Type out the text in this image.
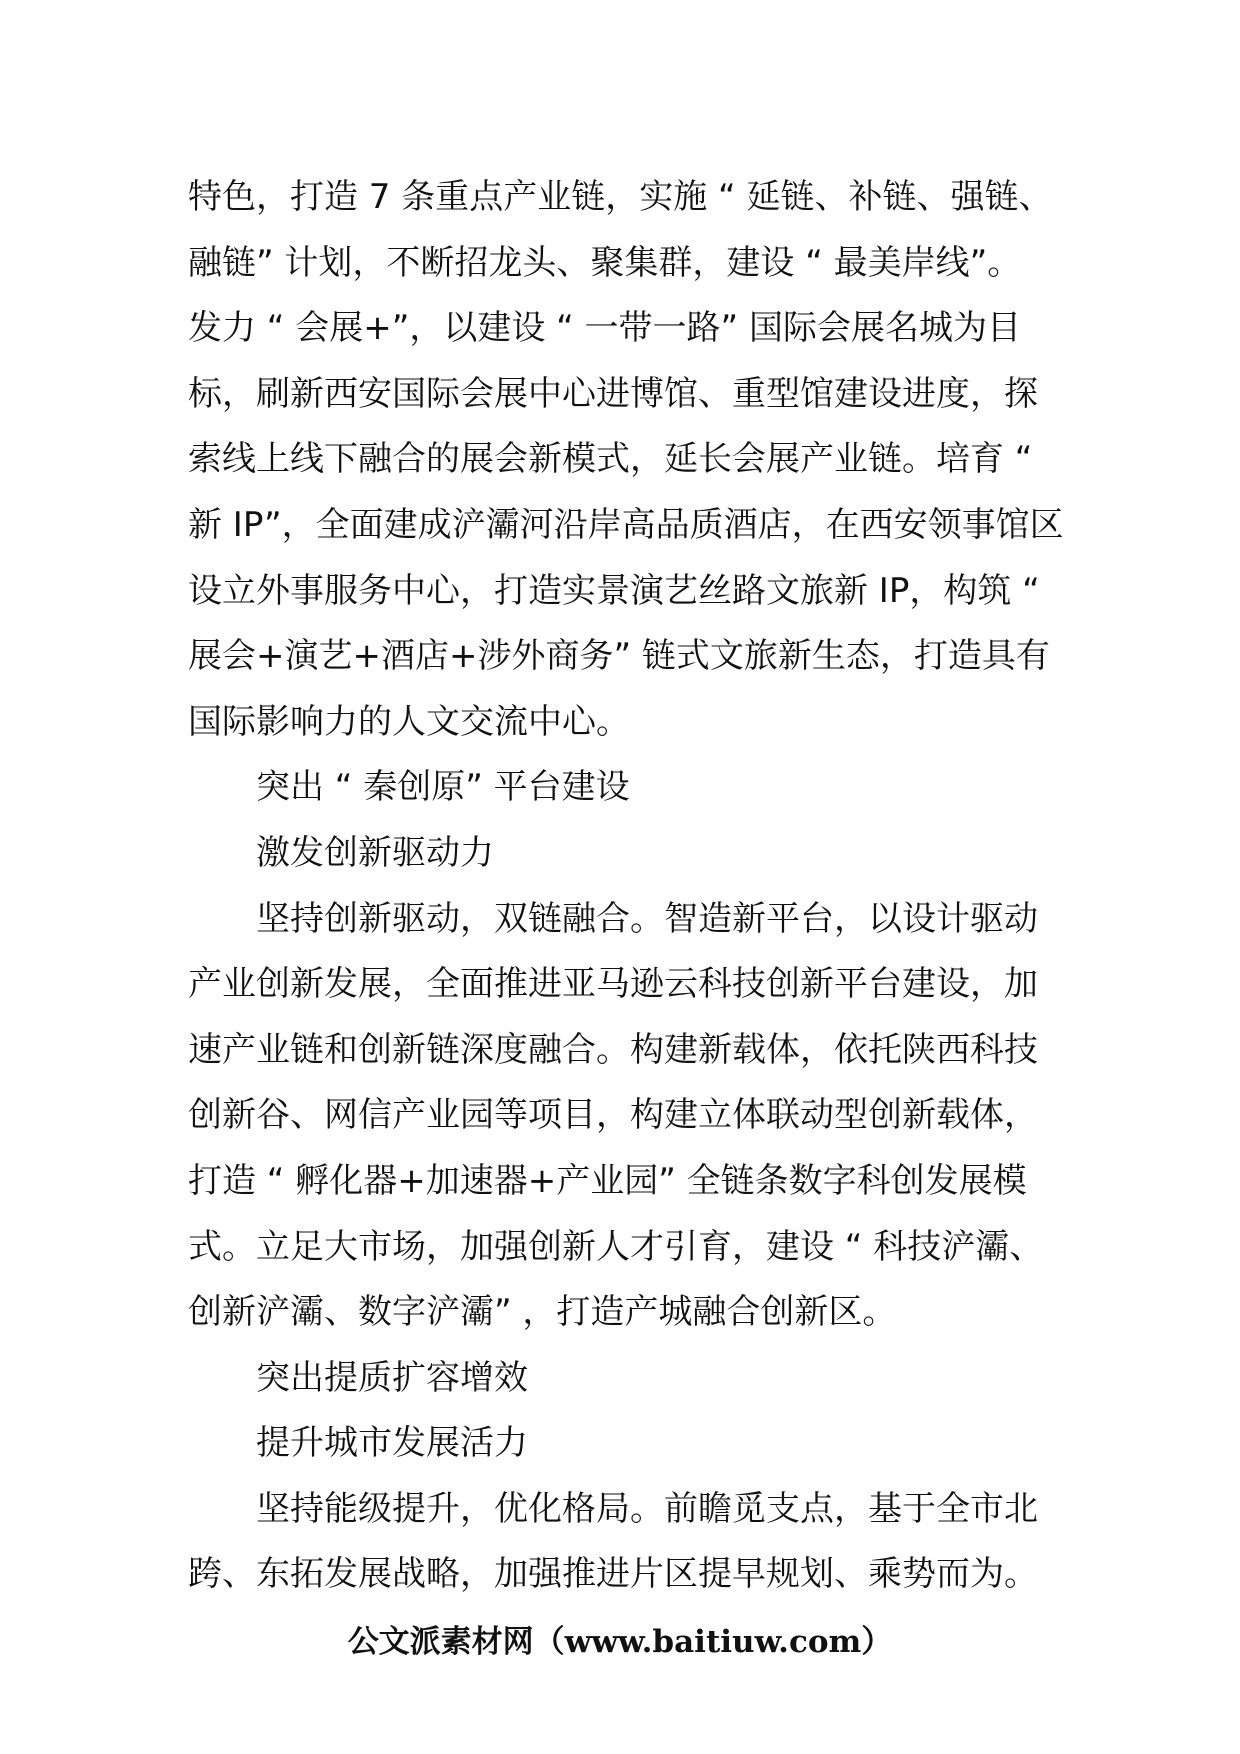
特色，打造 7 条重点产业链，实施 “ 延链、补链、强链、
融链” 计划，不断招龙头、聚集群，建设 “ 最美岸线”。
发力 “ 会展+”，以建设 “ 一带一路” 国际会展名城为目
标，刷新西安国际会展中心进博馆、重型馆建设进度，探
索线上线下融合的展会新模式，延长会展产业链。培育 “
新 IP”，全面建成浐灞河沿岸高品质酒店，在西安领事馆区
设立外事服务中心，打造实景演艺丝路文旅新 IP，构筑 “
展会+演艺+酒店+涉外商务” 链式文旅新生态，打造具有
国际影响力的人文交流中心。
突出 “ 秦创原” 平台建设
激发创新驱动力
坚持创新驱动，双链融合。智造新平台，以设计驱动
产业创新发展，全面推进亚马逊云科技创新平台建设，加
速产业链和创新链深度融合。构建新载体，依托陕西科技
创新谷、网信产业园等项目，构建立体联动型创新载体，
打造 “ 孵化器+加速器+产业园” 全链条数字科创发展模
式。立足大市场，加强创新人才引育，建设 “ 科技浐灞、
创新浐灞、数字浐灞” ，打造产城融合创新区。
突出提质扩容增效
提升城市发展活力
坚持能级提升，优化格局。前瞻觅支点，基于全市北
跨、东拓发展战略，加强推进片区提早规划、乘势而为。
公文派素材网（www.baitiuw.com）
